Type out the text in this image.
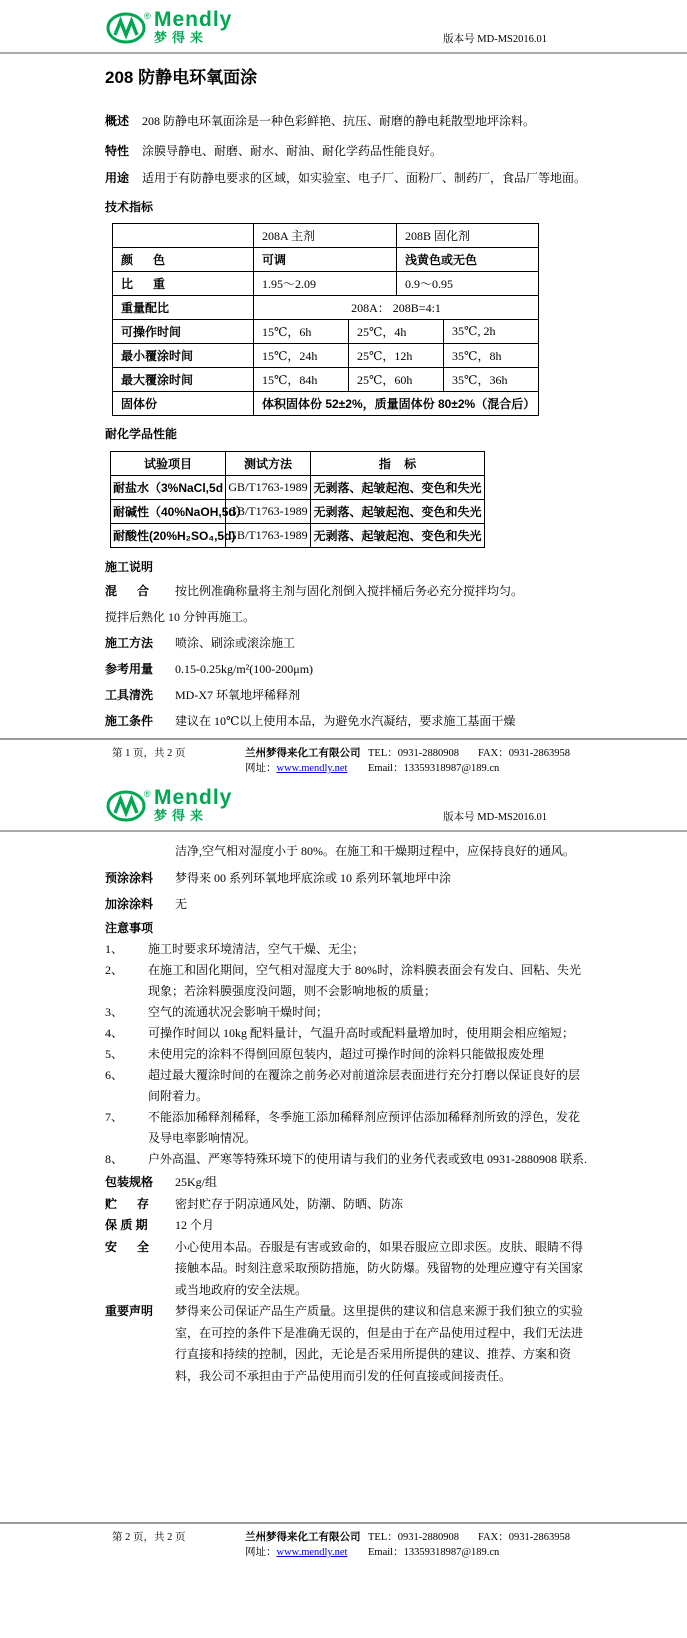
® Mendly
梦得来	版本号 MD-MS2016.01
208 防静电环氧面涂
概述	208 防静电环氧面涂是一种色彩鲜艳、抗压、耐磨的静电耗散型地坪涂料。
特性	涂膜导静电、耐磨、耐水、耐油、耐化学药品性能良好。
用途	适用于有防静电要求的区域，如实验室、电子厂、面粉厂、制药厂，食品厂等地面。
技术指标
	208A 主剂		208B 固化剂	
颜      色	可调		浅黄色或无色	
比      重	1.95～2.09		0.9～0.95	
重量配比	208A： 208B=4:1			
可操作时间	15℃，6h	25℃，4h		35℃, 2h
最小覆涂时间	15℃，24h	25℃，12h		35℃，8h
最大覆涂时间	15℃，84h	25℃，60h		35℃，36h
固体份	体积固体份 52±2%，质量固体份 80±2%（混合后）			
耐化学品性能
试验项目	测试方法	指    标
耐盐水（3%NaCl,5d	GB/T1763-1989	无剥落、起皱起泡、变色和失光
耐碱性（40%NaOH,5d）	GB/T1763-1989	无剥落、起皱起泡、变色和失光
耐酸性(20%H₂SO₄,5d)	GB/T1763-1989	无剥落、起皱起泡、变色和失光
施工说明
混      合	按比例准确称量将主剂与固化剂倒入搅拌桶后务必充分搅拌均匀。
搅拌后熟化 10 分钟再施工。
施工方法	喷涂、刷涂或滚涂施工
参考用量	0.15-0.25kg/m²(100-200μm)
工具清洗	MD-X7 环氧地坪稀释剂
施工条件	建议在 10℃以上使用本品，为避免水汽凝结，要求施工基面干燥
第 1 页，共 2 页	兰州梦得来化工有限公司 TEL：0931-2880908	FAX：0931-2863958
网址：www.mendly.net	Email：13359318987@189.cn
® Mendly
梦得来	版本号 MD-MS2016.01
洁净,空气相对湿度小于 80%。在施工和干燥期过程中，应保持良好的通风。
预涂涂料	梦得来 00 系列环氧地坪底涂或 10 系列环氧地坪中涂
加涂涂料	无
注意事项
1、	施工时要求环境清洁，空气干燥、无尘；
2、	在施工和固化期间，空气相对湿度大于 80%时，涂料膜表面会有发白、回粘、失光现象；若涂料膜强度没问题，则不会影响地板的质量；
3、	空气的流通状况会影响干燥时间；
4、	可操作时间以 10kg 配料量计，气温升高时或配料量增加时，使用期会相应缩短；
5、	未使用完的涂料不得倒回原包装内，超过可操作时间的涂料只能做报废处理
6、	超过最大覆涂时间的在覆涂之前务必对前道涂层表面进行充分打磨以保证良好的层间附着力。
7、	不能添加稀释剂稀释，冬季施工添加稀释剂应预评估添加稀释剂所致的浮色，发花及导电率影响情况。
8、	户外高温、严寒等特殊环境下的使用请与我们的业务代表或致电 0931-2880908 联系.
包装规格	25Kg/组
贮      存	密封贮存于阴凉通风处，防潮、防晒、防冻
保 质 期	12 个月
安      全	小心使用本品。吞服是有害或致命的，如果吞服应立即求医。皮肤、眼睛不得接触本品。时刻注意采取预防措施，防火防爆。残留物的处理应遵守有关国家或当地政府的安全法规。
重要声明	梦得来公司保证产品生产质量。这里提供的建议和信息来源于我们独立的实验室，在可控的条件下是准确无误的，但是由于在产品使用过程中，我们无法进行直接和持续的控制，因此，无论是否采用所提供的建议、推荐、方案和资料，我公司不承担由于产品使用而引发的任何直接或间接责任。
第 2 页，共 2 页	兰州梦得来化工有限公司 TEL：0931-2880908	FAX：0931-2863958
网址：www.mendly.net	Email：13359318987@189.cn
